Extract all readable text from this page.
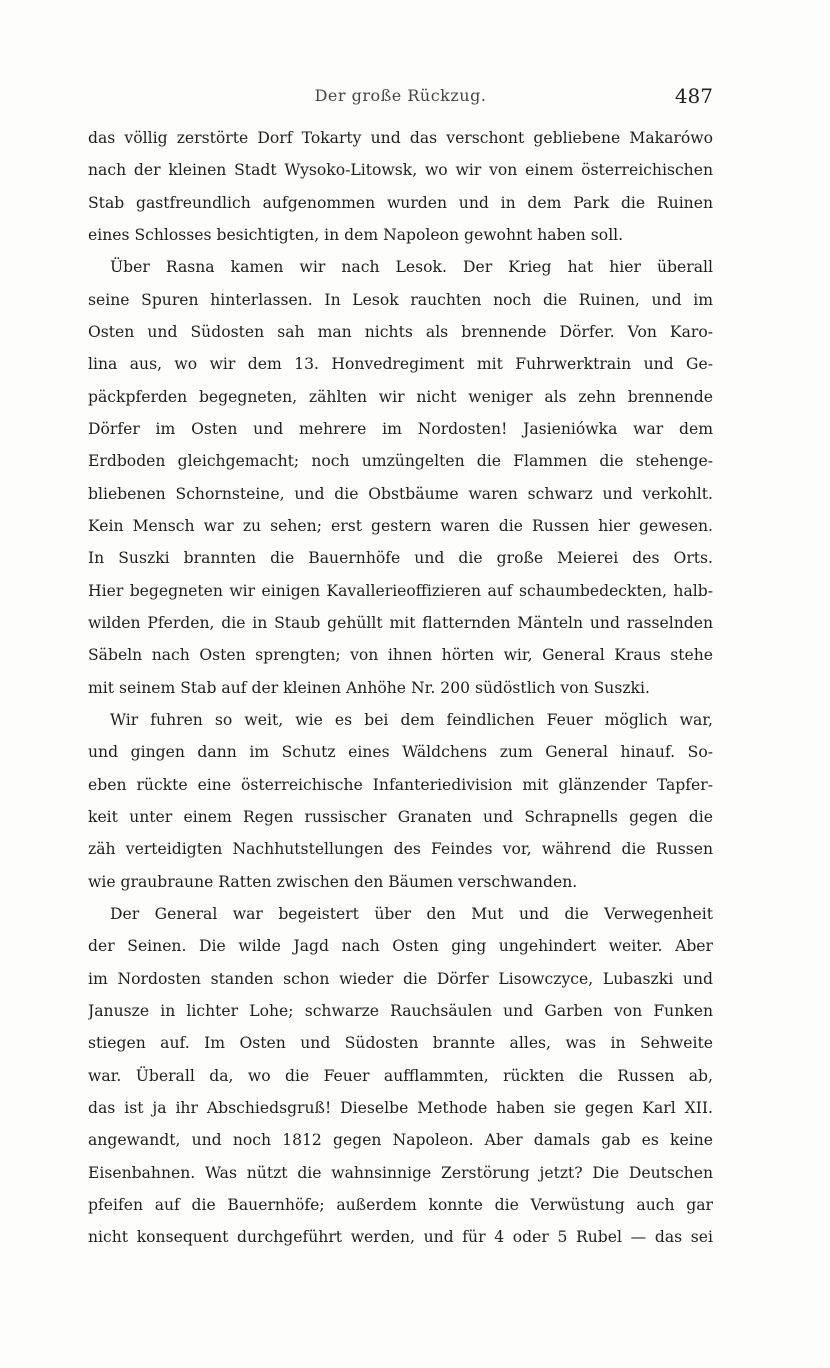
Der große Rückzug.	487
das völlig zerstörte Dorf Tokarty und das verschont gebliebene Makarówo
nach der kleinen Stadt Wysoko-Litowsk, wo wir von einem österreichischen
Stab gastfreundlich aufgenommen wurden und in dem Park die Ruinen
eines Schlosses besichtigten, in dem Napoleon gewohnt haben soll.
Über Rasna kamen wir nach Lesok. Der Krieg hat hier überall
seine Spuren hinterlassen. In Lesok rauchten noch die Ruinen, und im
Osten und Südosten sah man nichts als brennende Dörfer. Von Karo-
lina aus, wo wir dem 13. Honvedregiment mit Fuhrwerktrain und Ge-
päckpferden begegneten, zählten wir nicht weniger als zehn brennende
Dörfer im Osten und mehrere im Nordosten! Jasieniówka war dem
Erdboden gleichgemacht; noch umzüngelten die Flammen die stehenge-
bliebenen Schornsteine, und die Obstbäume waren schwarz und verkohlt.
Kein Mensch war zu sehen; erst gestern waren die Russen hier gewesen.
In Suszki brannten die Bauernhöfe und die große Meierei des Orts.
Hier begegneten wir einigen Kavallerieoffizieren auf schaumbedeckten, halb-
wilden Pferden, die in Staub gehüllt mit flatternden Mänteln und rasselnden
Säbeln nach Osten sprengten; von ihnen hörten wir, General Kraus stehe
mit seinem Stab auf der kleinen Anhöhe Nr. 200 südöstlich von Suszki.
Wir fuhren so weit, wie es bei dem feindlichen Feuer möglich war,
und gingen dann im Schutz eines Wäldchens zum General hinauf. So-
eben rückte eine österreichische Infanteriedivision mit glänzender Tapfer-
keit unter einem Regen russischer Granaten und Schrapnells gegen die
zäh verteidigten Nachhutstellungen des Feindes vor, während die Russen
wie graubraune Ratten zwischen den Bäumen verschwanden.
Der General war begeistert über den Mut und die Verwegenheit
der Seinen. Die wilde Jagd nach Osten ging ungehindert weiter. Aber
im Nordosten standen schon wieder die Dörfer Lisowczyce, Lubaszki und
Janusze in lichter Lohe; schwarze Rauchsäulen und Garben von Funken
stiegen auf. Im Osten und Südosten brannte alles, was in Sehweite
war. Überall da, wo die Feuer aufflammten, rückten die Russen ab,
das ist ja ihr Abschiedsgruß! Dieselbe Methode haben sie gegen Karl XII.
angewandt, und noch 1812 gegen Napoleon. Aber damals gab es keine
Eisenbahnen. Was nützt die wahnsinnige Zerstörung jetzt? Die Deutschen
pfeifen auf die Bauernhöfe; außerdem konnte die Verwüstung auch gar
nicht konsequent durchgeführt werden, und für 4 oder 5 Rubel — das sei
